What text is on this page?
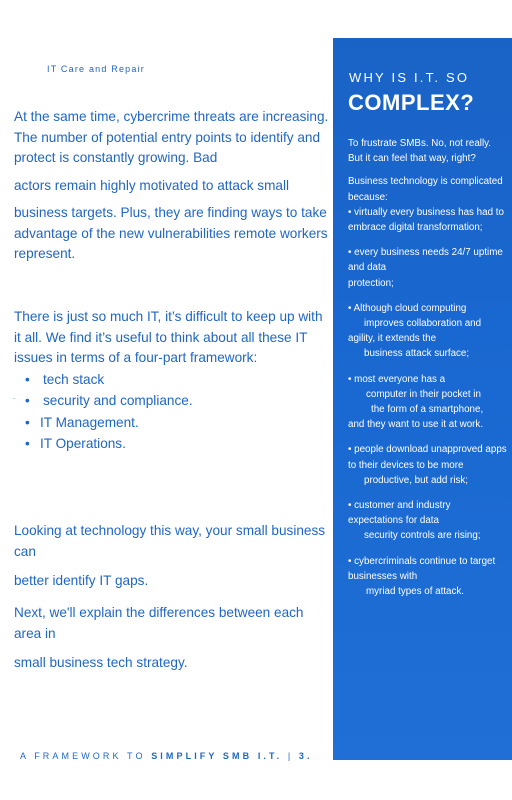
IT Care and Repair
At the same time, cybercrime threats are increasing. The number of potential entry points to identify and protect is constantly growing. Bad
actors remain highly motivated to attack small
business targets. Plus, they are finding ways to take advantage of the new vulnerabilities remote workers represent.

There is just so much IT, it’s difficult to keep up with it all. We find it’s useful to think about all these IT issues in terms of a four-part framework:

• tech stack
˙ • security and compliance.
• IT Management.
• IT Operations.
Looking at technology this way, your small business can
better identify IT gaps.
Next, we'll explain the differences between each area in
small business tech strategy.
WHY IS I.T. SO
COMPLEX?

To frustrate SMBs. No, not really. But it can feel that way, right?

Business technology is complicated because:

• virtually every business has had to embrace digital transformation;

• every business needs 24/7 uptime and data
protection;

• Although cloud computing
improves collaboration and
agility, it extends the
business attack surface;

• most everyone has a
computer in their pocket in
the form of a smartphone,
and they want to use it at work.

• people download unapproved apps to their devices to be more
productive, but add risk;

• customer and industry expectations for data
security controls are rising;

• cybercriminals continue to target businesses with
myriad types of attack.

A FRAMEWORK TO SIMPLIFY SMB I.T. | 3.
